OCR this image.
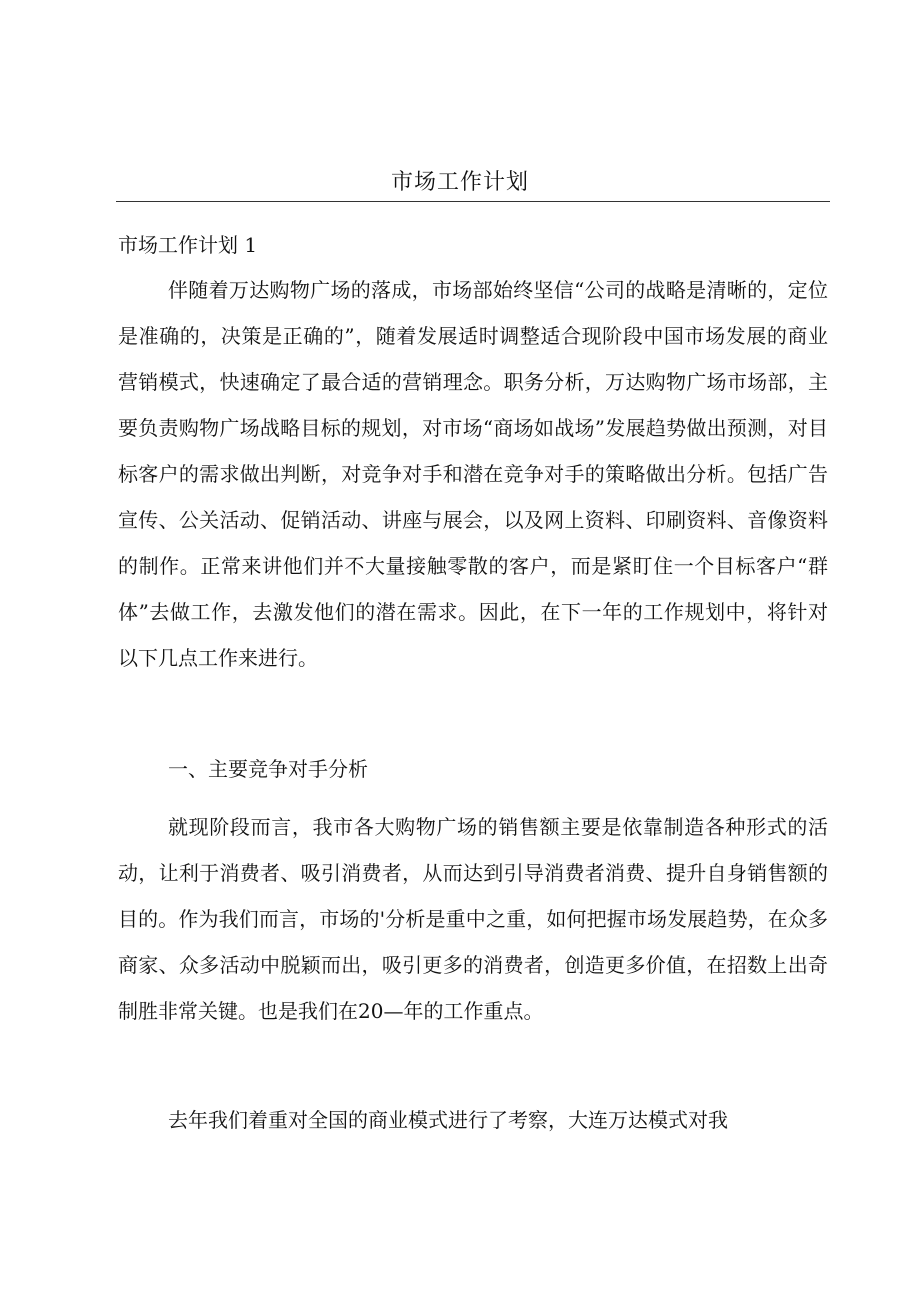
市场工作计划
市场工作计划 1

伴随着万达购物广场的落成，市场部始终坚信“公司的战略是清晰的，定位是准确的，决策是正确的”，随着发展适时调整适合现阶段中国市场发展的商业营销模式，快速确定了最合适的营销理念。职务分析，万达购物广场市场部，主要负责购物广场战略目标的规划，对市场“商场如战场”发展趋势做出预测，对目标客户的需求做出判断，对竞争对手和潜在竞争对手的策略做出分析。包括广告宣传、公关活动、促销活动、讲座与展会，以及网上资料、印刷资料、音像资料的制作。正常来讲他们并不大量接触零散的客户，而是紧盯住一个目标客户“群体”去做工作，去激发他们的潜在需求。因此，在下一年的工作规划中，将针对以下几点工作来进行。

一、主要竞争对手分析

就现阶段而言，我市各大购物广场的销售额主要是依靠制造各种形式的活动，让利于消费者、吸引消费者，从而达到引导消费者消费、提升自身销售额的目的。作为我们而言，市场的'分析是重中之重，如何把握市场发展趋势，在众多商家、众多活动中脱颖而出，吸引更多的消费者，创造更多价值，在招数上出奇制胜非常关键。也是我们在20—年的工作重点。

去年我们着重对全国的商业模式进行了考察，大连万达模式对我
